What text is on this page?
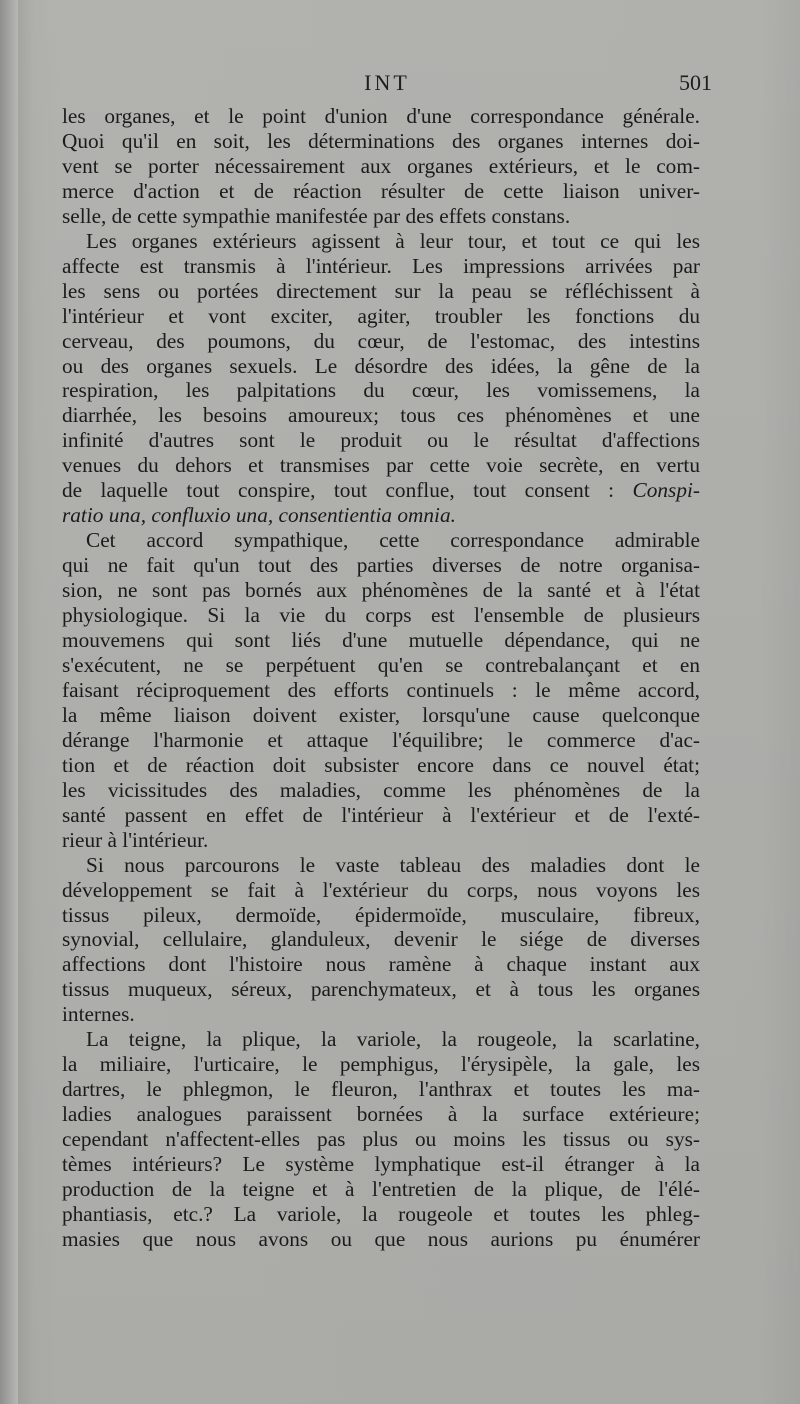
INT	501
les organes, et le point d'union d'une correspondance générale.
Quoi qu'il en soit, les déterminations des organes internes doi-
vent se porter nécessairement aux organes extérieurs, et le com-
merce d'action et de réaction résulter de cette liaison univer-
selle, de cette sympathie manifestée par des effets constans.
Les organes extérieurs agissent à leur tour, et tout ce qui les
affecte est transmis à l'intérieur. Les impressions arrivées par
les sens ou portées directement sur la peau se réfléchissent à
l'intérieur et vont exciter, agiter, troubler les fonctions du
cerveau, des poumons, du cœur, de l'estomac, des intestins
ou des organes sexuels. Le désordre des idées, la gêne de la
respiration, les palpitations du cœur, les vomissemens, la
diarrhée, les besoins amoureux; tous ces phénomènes et une
infinité d'autres sont le produit ou le résultat d'affections
venues du dehors et transmises par cette voie secrète, en vertu
de laquelle tout conspire, tout conflue, tout consent : Conspi-
ratio una, confluxio una, consentientia omnia.
Cet accord sympathique, cette correspondance admirable
qui ne fait qu'un tout des parties diverses de notre organisa-
sion, ne sont pas bornés aux phénomènes de la santé et à l'état
physiologique. Si la vie du corps est l'ensemble de plusieurs
mouvemens qui sont liés d'une mutuelle dépendance, qui ne
s'exécutent, ne se perpétuent qu'en se contrebalançant et en
faisant réciproquement des efforts continuels : le même accord,
la même liaison doivent exister, lorsqu'une cause quelconque
dérange l'harmonie et attaque l'équilibre; le commerce d'ac-
tion et de réaction doit subsister encore dans ce nouvel état;
les vicissitudes des maladies, comme les phénomènes de la
santé passent en effet de l'intérieur à l'extérieur et de l'exté-
rieur à l'intérieur.
Si nous parcourons le vaste tableau des maladies dont le
développement se fait à l'extérieur du corps, nous voyons les
tissus pileux, dermoïde, épidermoïde, musculaire, fibreux,
synovial, cellulaire, glanduleux, devenir le siége de diverses
affections dont l'histoire nous ramène à chaque instant aux
tissus muqueux, séreux, parenchymateux, et à tous les organes
internes.
La teigne, la plique, la variole, la rougeole, la scarlatine,
la miliaire, l'urticaire, le pemphigus, l'érysipèle, la gale, les
dartres, le phlegmon, le fleuron, l'anthrax et toutes les ma-
ladies analogues paraissent bornées à la surface extérieure;
cependant n'affectent-elles pas plus ou moins les tissus ou sys-
tèmes intérieurs? Le système lymphatique est-il étranger à la
production de la teigne et à l'entretien de la plique, de l'élé-
phantiasis, etc.? La variole, la rougeole et toutes les phleg-
masies que nous avons ou que nous aurions pu énumérer
